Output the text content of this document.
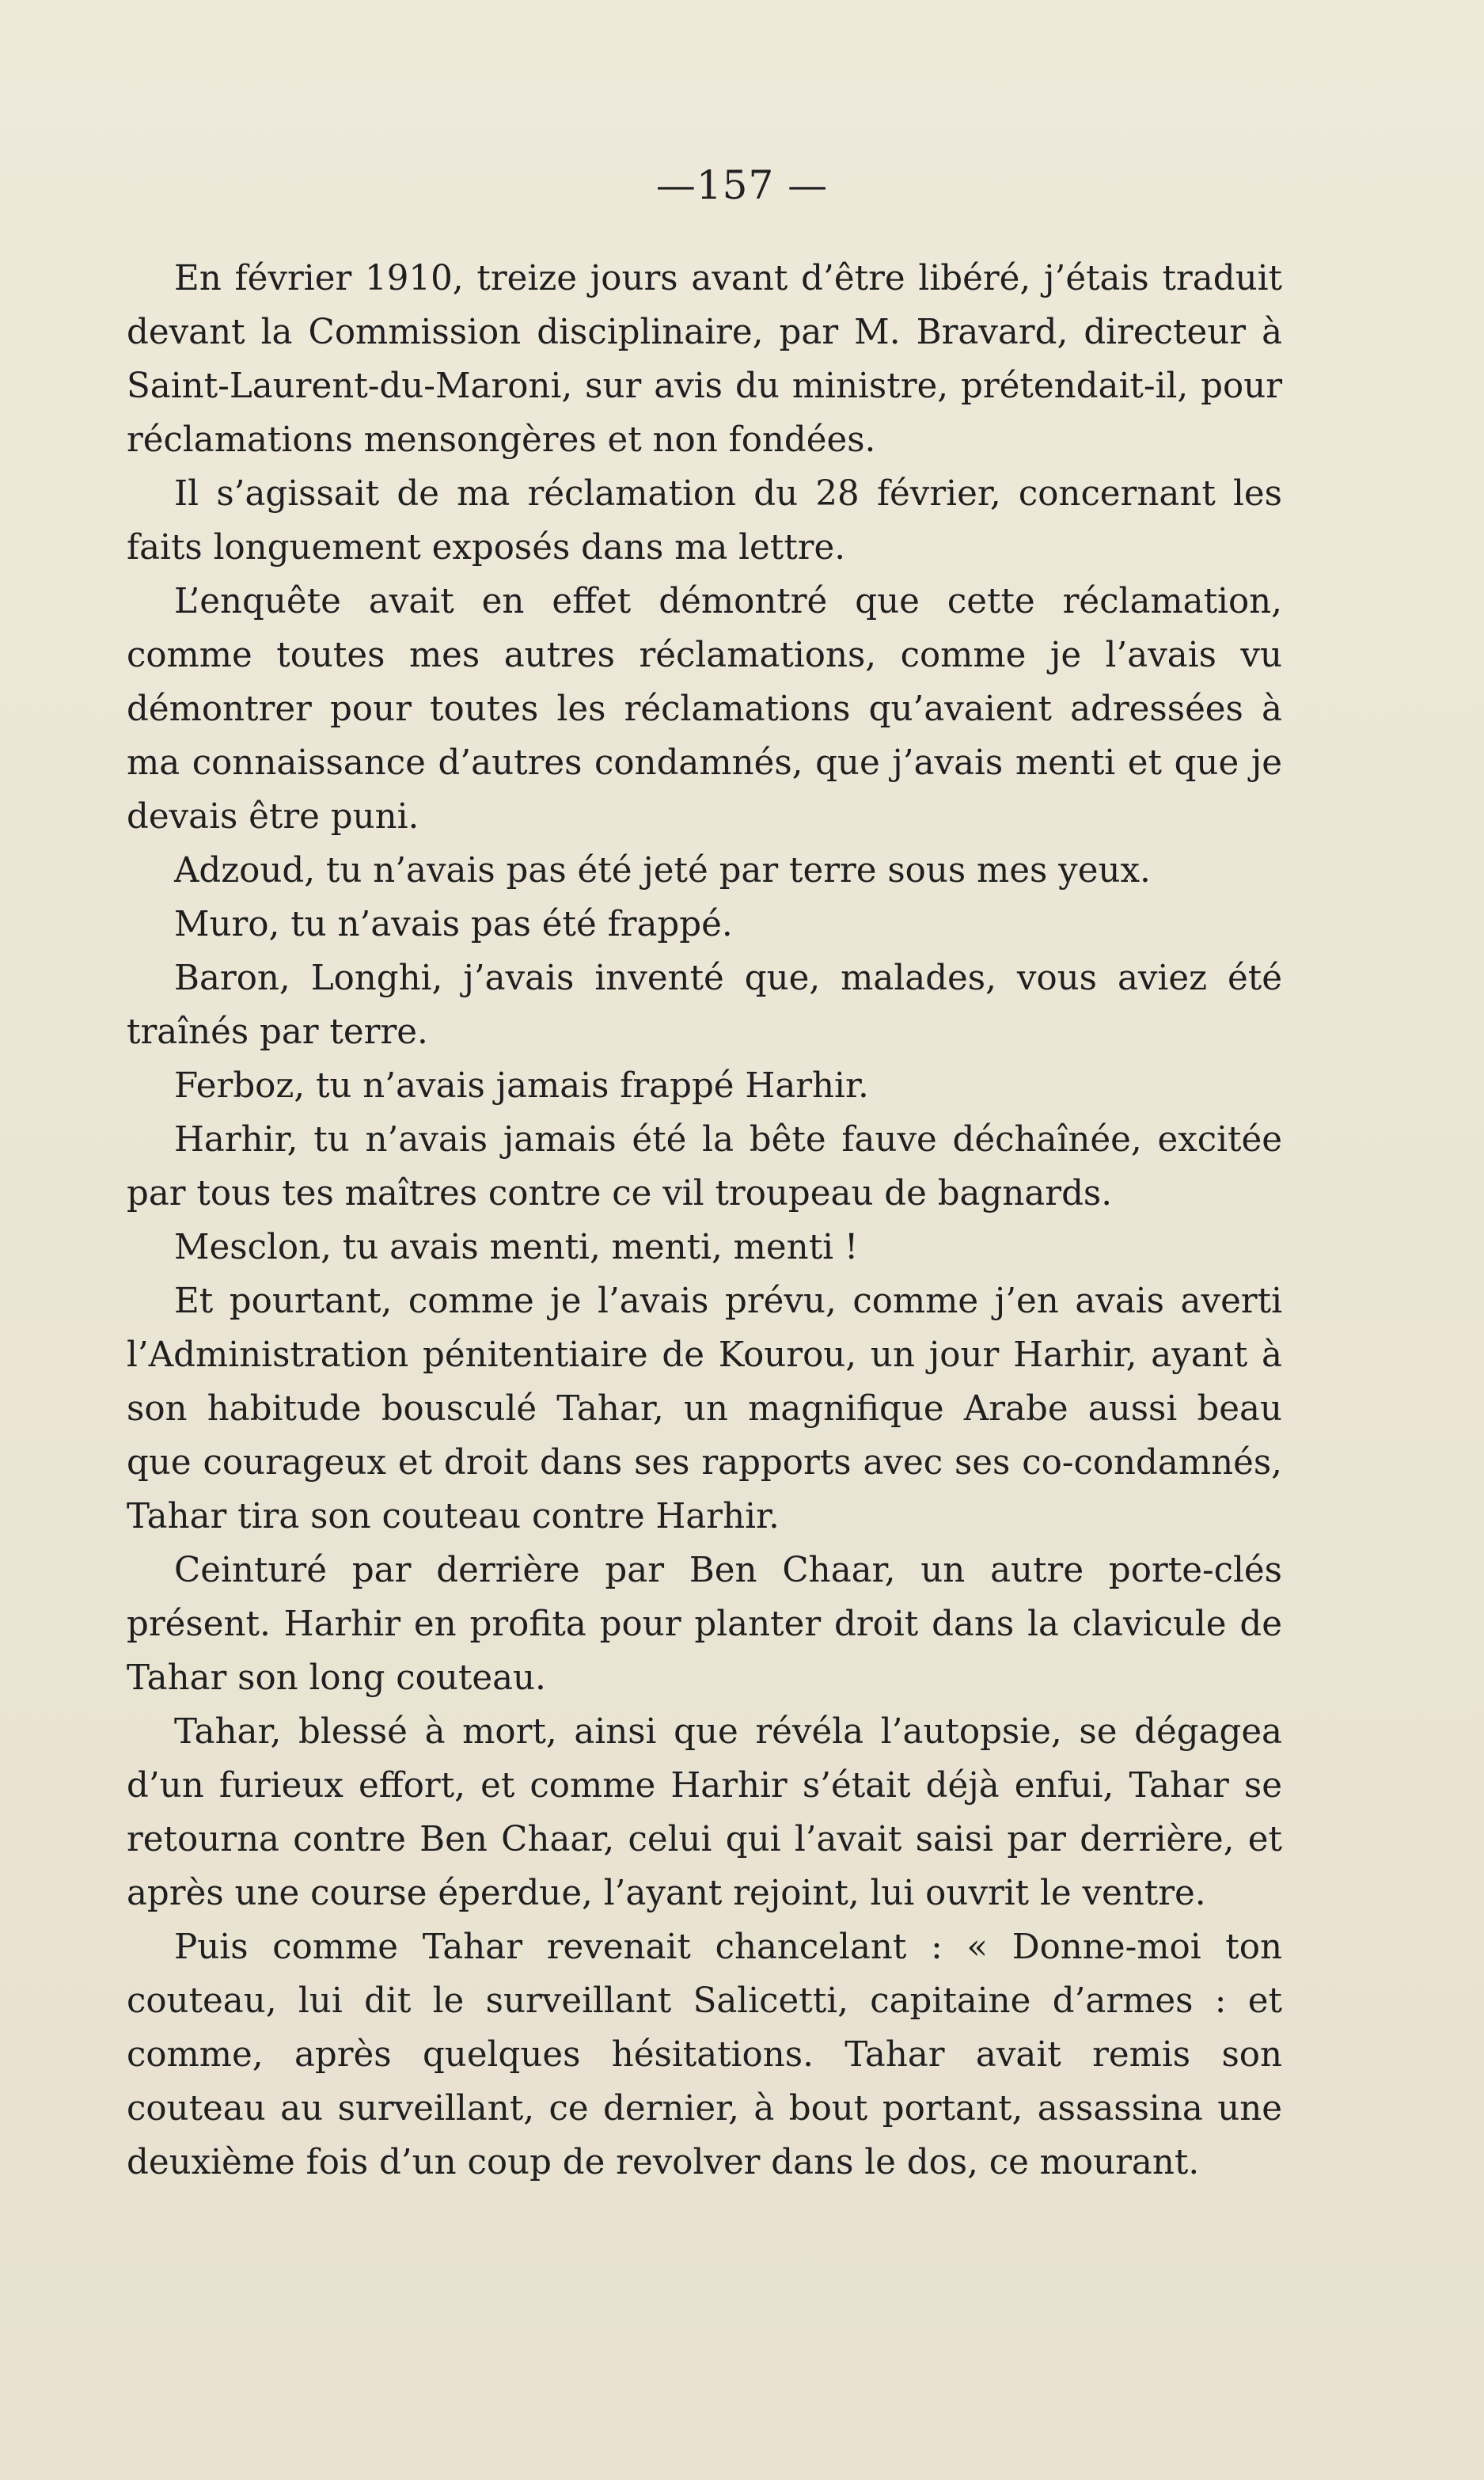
—157 —

En février 1910, treize jours avant d’être libéré, j’étais traduit devant la Commission disciplinaire, par M. Bravard, directeur à Saint-Laurent-du-Maroni, sur avis du ministre, prétendait-il, pour réclamations mensongères et non fondées.

Il s’agissait de ma réclamation du 28 février, concernant les faits longuement exposés dans ma lettre.

L’enquête avait en effet démontré que cette réclamation, comme toutes mes autres réclamations, comme je l’avais vu démontrer pour toutes les réclamations qu’avaient adressées à ma connaissance d’autres condamnés, que j’avais menti et que je devais être puni.

Adzoud, tu n’avais pas été jeté par terre sous mes yeux.

Muro, tu n’avais pas été frappé.

Baron, Longhi, j’avais inventé que, malades, vous aviez été traînés par terre.

Ferboz, tu n’avais jamais frappé Harhir.

Harhir, tu n’avais jamais été la bête fauve déchaînée, excitée par tous tes maîtres contre ce vil troupeau de bagnards.

Mesclon, tu avais menti, menti, menti !

Et pourtant, comme je l’avais prévu, comme j’en avais averti l’Administration pénitentiaire de Kourou, un jour Harhir, ayant à son habitude bousculé Tahar, un magnifique Arabe aussi beau que courageux et droit dans ses rapports avec ses co-condamnés, Tahar tira son couteau contre Harhir.

Ceinturé par derrière par Ben Chaar, un autre porte-clés présent. Harhir en profita pour planter droit dans la clavicule de Tahar son long couteau.

Tahar, blessé à mort, ainsi que révéla l’autopsie, se dégagea d’un furieux effort, et comme Harhir s’était déjà enfui, Tahar se retourna contre Ben Chaar, celui qui l’avait saisi par derrière, et après une course éperdue, l’ayant rejoint, lui ouvrit le ventre.

Puis comme Tahar revenait chancelant : « Donne-moi ton couteau, lui dit le surveillant Salicetti, capitaine d’armes : et comme, après quelques hésitations. Tahar avait remis son couteau au surveillant, ce dernier, à bout portant, assassina une deuxième fois d’un coup de revolver dans le dos, ce mourant.
